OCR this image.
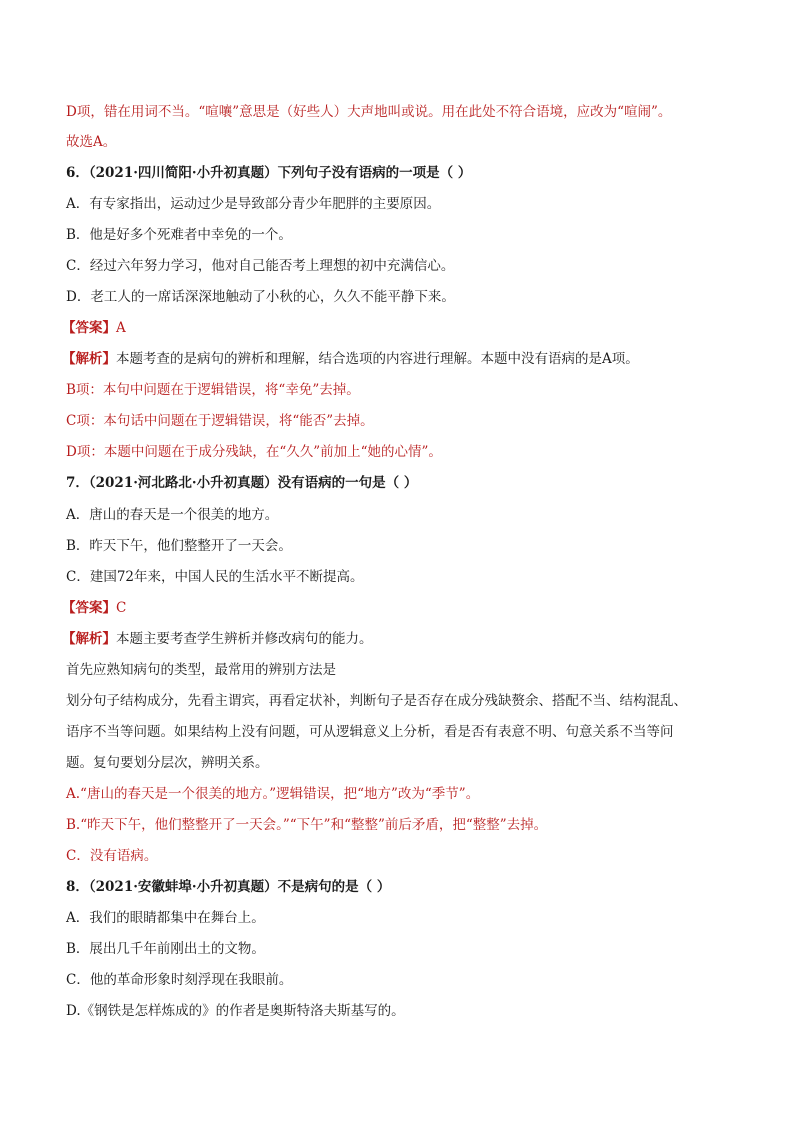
D项，错在用词不当。“喧嚷”意思是（好些人）大声地叫或说。用在此处不符合语境，应改为“喧闹”。
故选A。
6．（2021·四川简阳·小升初真题）下列句子没有语病的一项是（ ）
A．有专家指出，运动过少是导致部分青少年肥胖的主要原因。
B．他是好多个死难者中幸免的一个。
C．经过六年努力学习，他对自己能否考上理想的初中充满信心。
D．老工人的一席话深深地触动了小秋的心，久久不能平静下来。
【答案】A
【解析】本题考查的是病句的辨析和理解，结合选项的内容进行理解。本题中没有语病的是A项。
B项：本句中问题在于逻辑错误，将“幸免”去掉。
C项：本句话中问题在于逻辑错误，将“能否”去掉。
D项：本题中问题在于成分残缺，在“久久”前加上“她的心情”。
7．（2021·河北路北·小升初真题）没有语病的一句是（ ）
A．唐山的春天是一个很美的地方。
B．昨天下午，他们整整开了一天会。
C．建国72年来，中国人民的生活水平不断提高。
【答案】C
【解析】本题主要考查学生辨析并修改病句的能力。
首先应熟知病句的类型，最常用的辨别方法是
划分句子结构成分，先看主谓宾，再看定状补，判断句子是否存在成分残缺赘余、搭配不当、结构混乱、
语序不当等问题。如果结构上没有问题，可从逻辑意义上分析，看是否有表意不明、句意关系不当等问
题。复句要划分层次，辨明关系。
A.“唐山的春天是一个很美的地方。”逻辑错误，把“地方”改为“季节”。
B.“昨天下午，他们整整开了一天会。”“下午”和“整整”前后矛盾，把“整整”去掉。
C．没有语病。
8．（2021·安徽蚌埠·小升初真题）不是病句的是（ ）
A．我们的眼睛都集中在舞台上。
B．展出几千年前刚出土的文物。
C．他的革命形象时刻浮现在我眼前。
D.《钢铁是怎样炼成的》的作者是奥斯特洛夫斯基写的。
